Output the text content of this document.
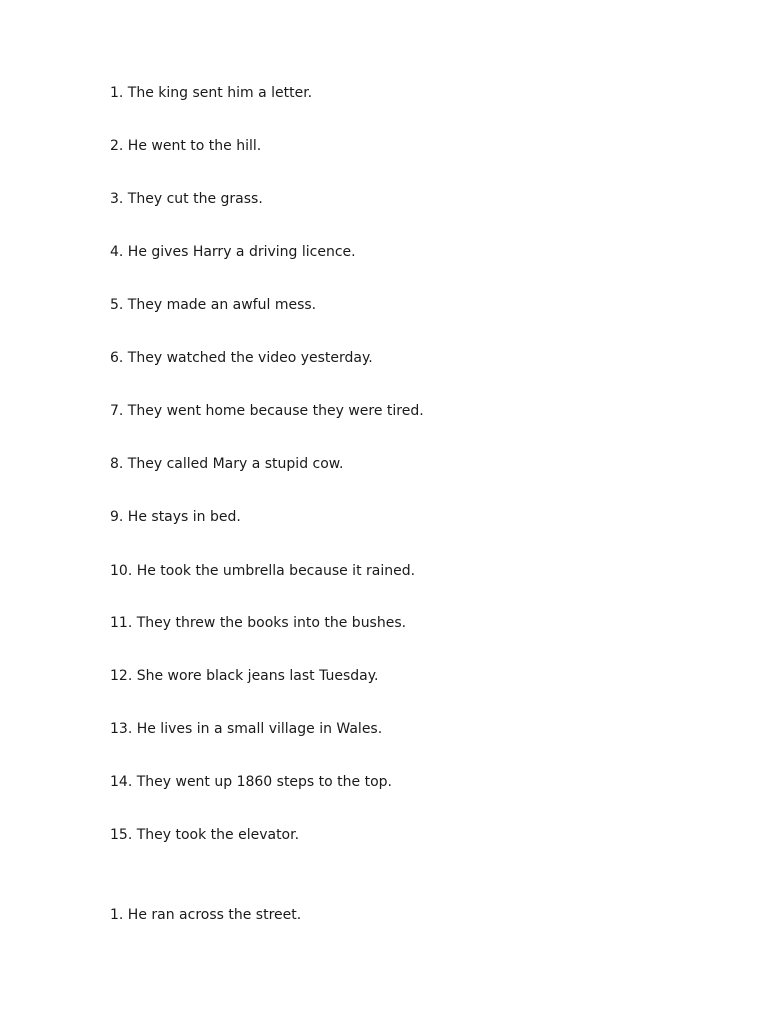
1. The king sent him a letter.
2. He went to the hill.
3. They cut the grass.
4. He gives Harry a driving licence.
5. They made an awful mess.
6. They watched the video yesterday.
7. They went home because they were tired.
8. They called Mary a stupid cow.
9. He stays in bed.
10. He took the umbrella because it rained.
11. They threw the books into the bushes.
12. She wore black jeans last Tuesday.
13. He lives in a small village in Wales.
14. They went up 1860 steps to the top.
15. They took the elevator.
1. He ran across the street.
